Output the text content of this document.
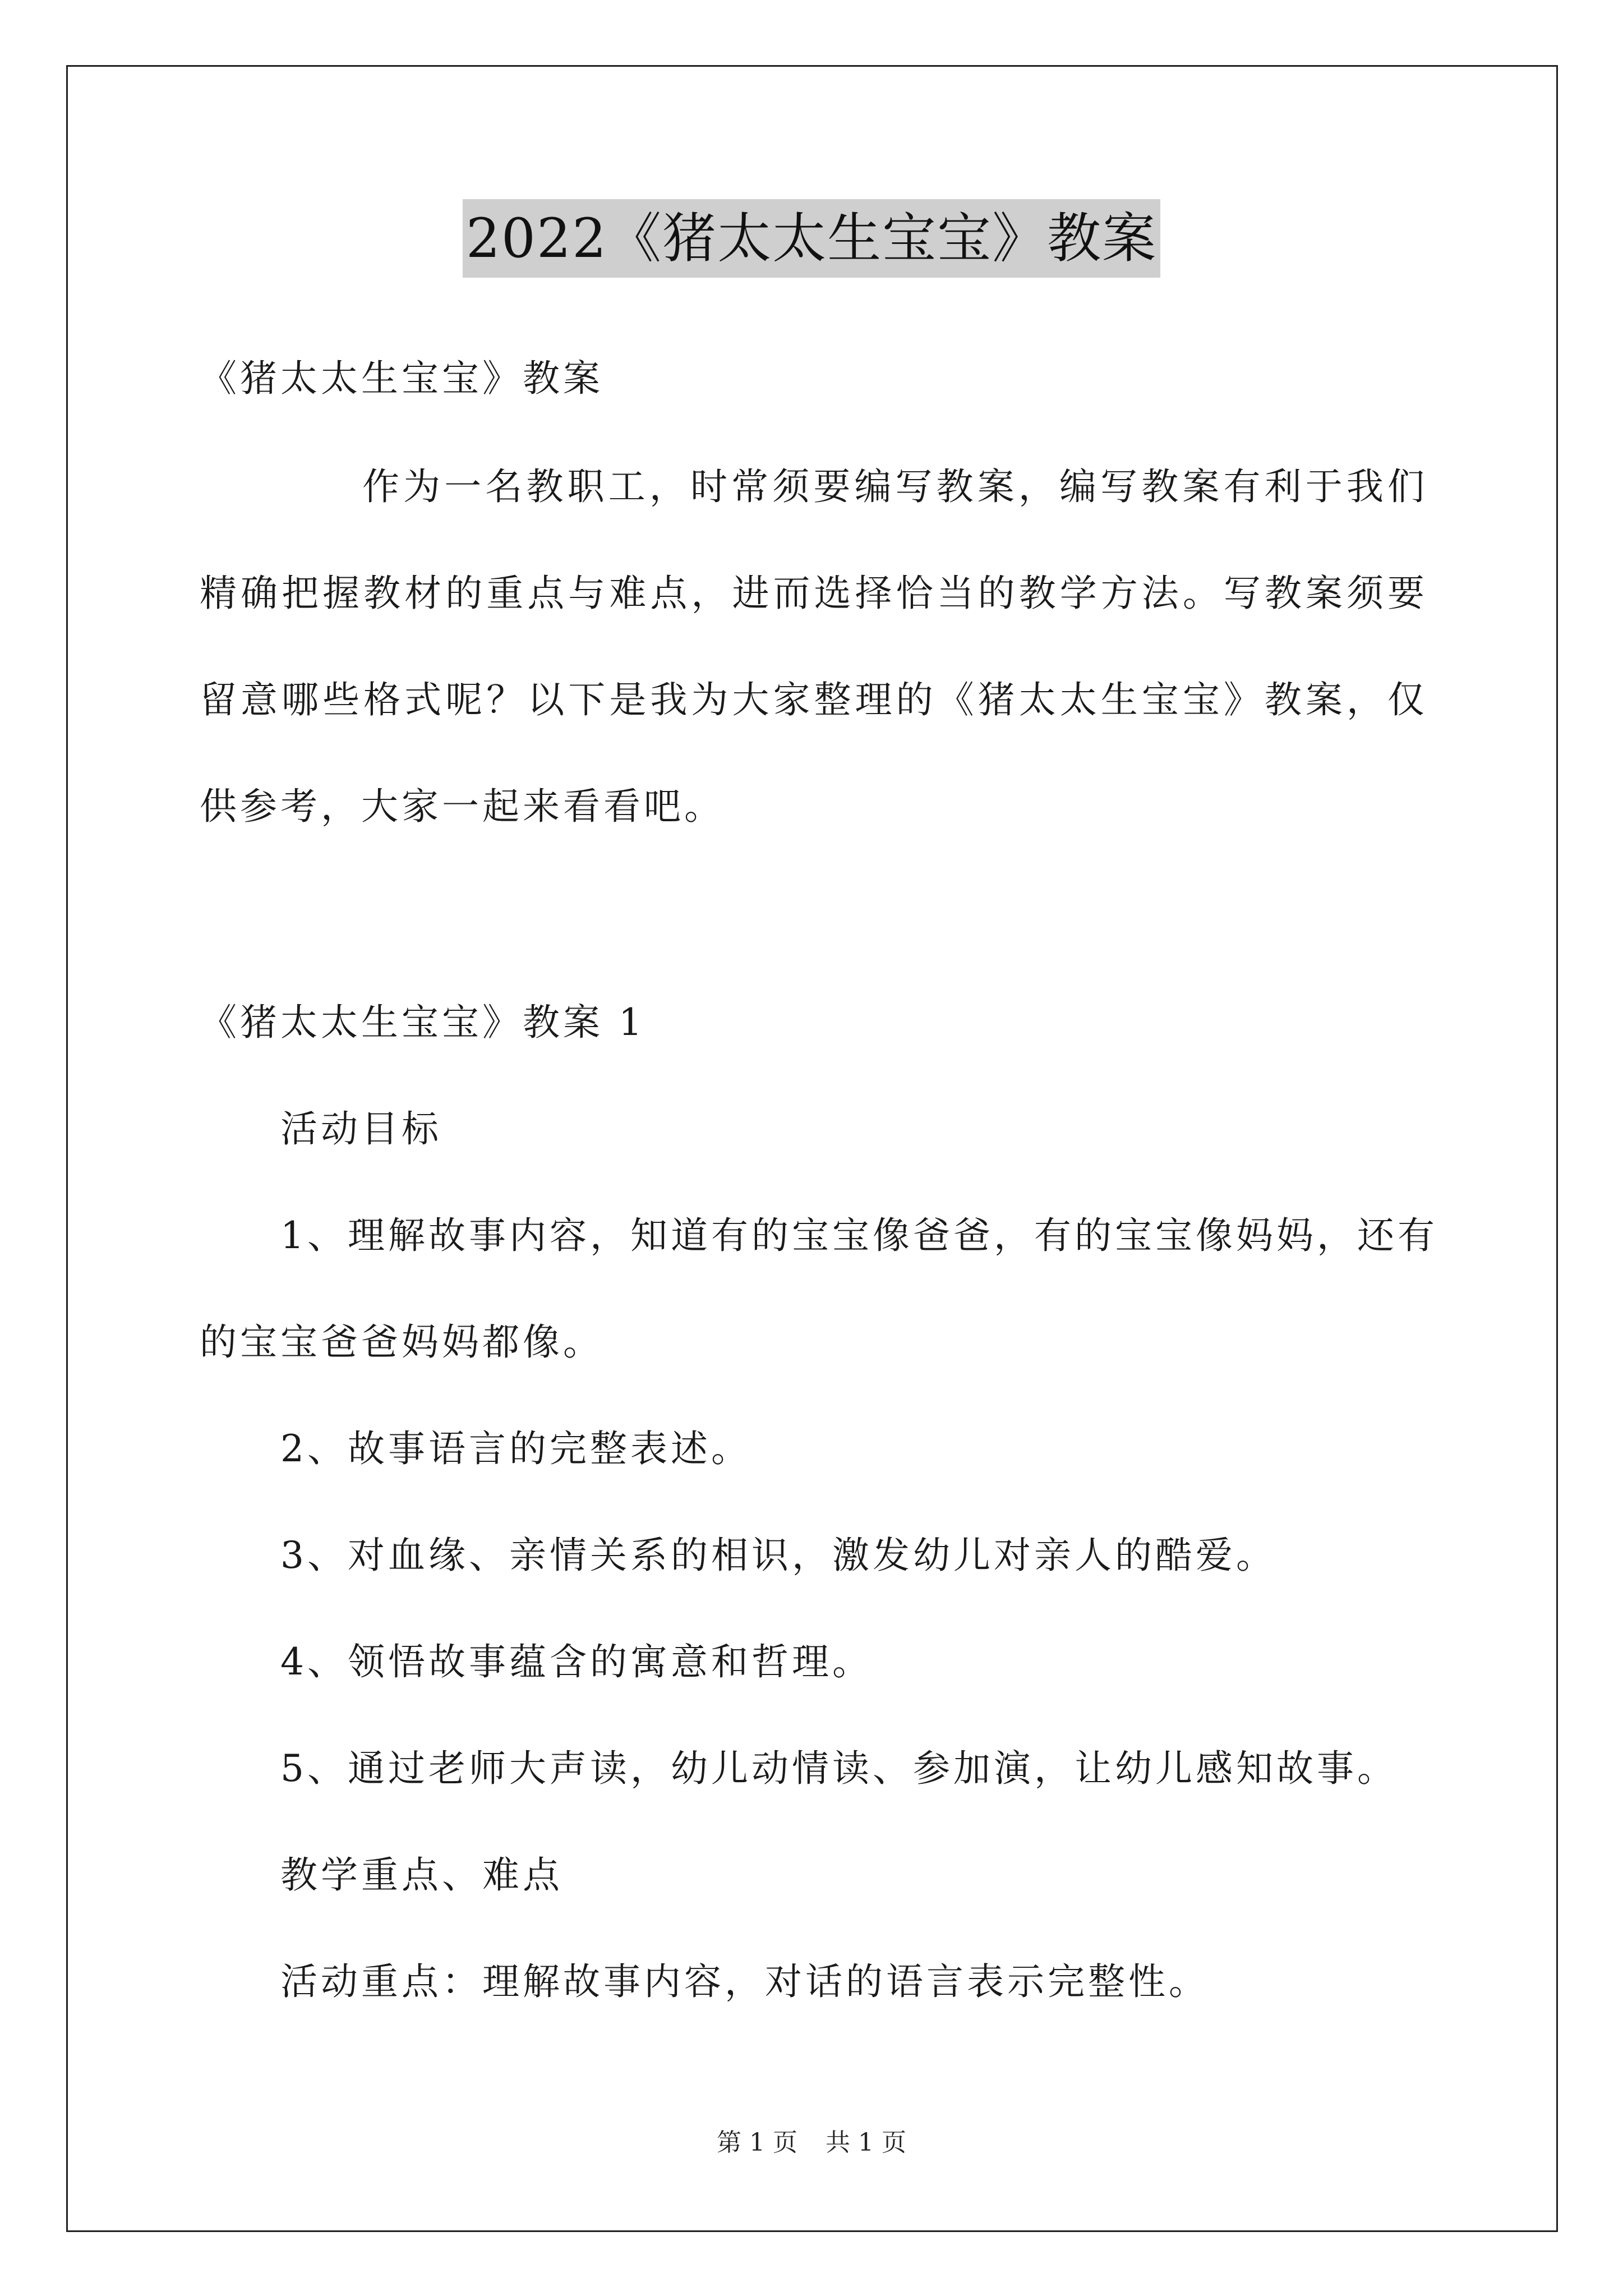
2022《猪太太生宝宝》教案
《猪太太生宝宝》教案
作为一名教职工，时常须要编写教案，编写教案有利于我们
精确把握教材的重点与难点，进而选择恰当的教学方法。写教案须要
留意哪些格式呢？以下是我为大家整理的《猪太太生宝宝》教案，仅
供参考，大家一起来看看吧。
《猪太太生宝宝》教案 1
活动目标
1、理解故事内容，知道有的宝宝像爸爸，有的宝宝像妈妈，还有
的宝宝爸爸妈妈都像。
2、故事语言的完整表述。
3、对血缘、亲情关系的相识，激发幼儿对亲人的酷爱。
4、领悟故事蕴含的寓意和哲理。
5、通过老师大声读，幼儿动情读、参加演，让幼儿感知故事。
教学重点、难点
活动重点：理解故事内容，对话的语言表示完整性。
第 1 页 共 1 页
